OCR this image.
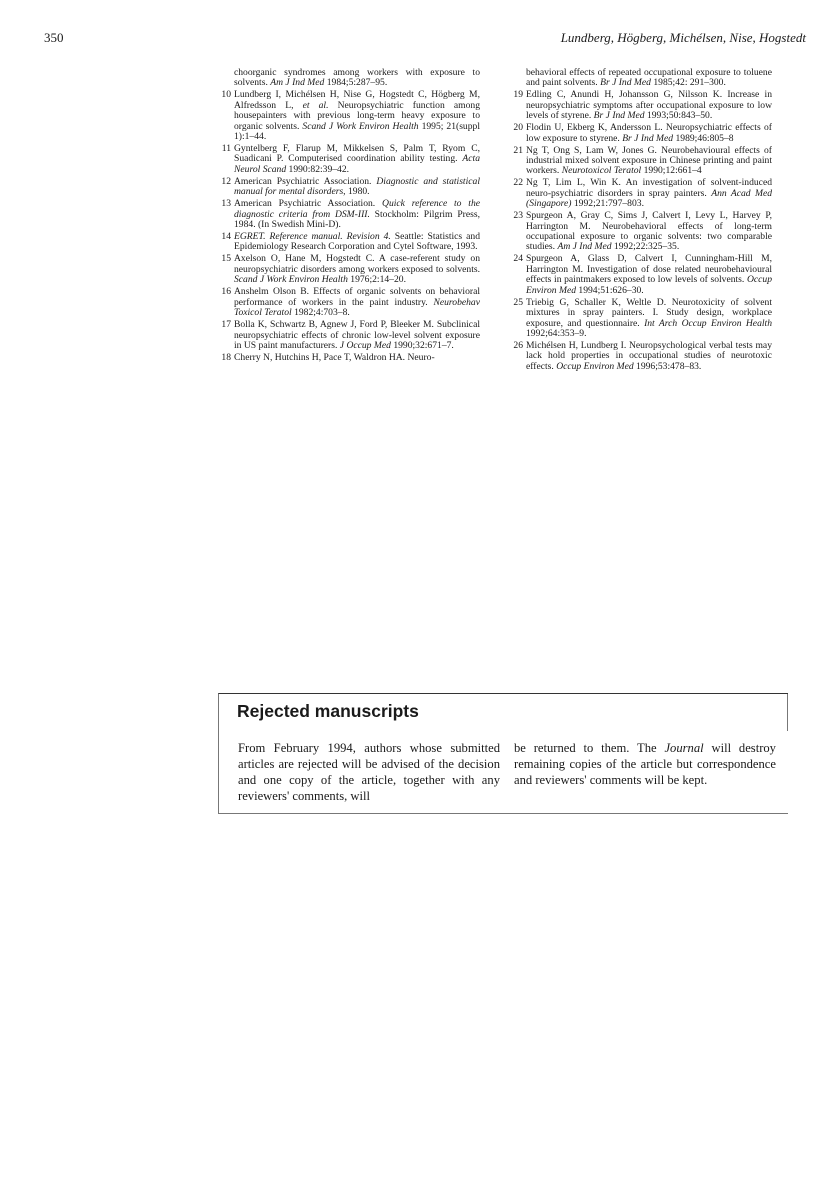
350	Lundberg, Högberg, Michélsen, Nise, Hogstedt
choorganic syndromes among workers with exposure to solvents. Am J Ind Med 1984;5:287–95.
10 Lundberg I, Michélsen H, Nise G, Hogstedt C, Högberg M, Alfredsson L, et al. Neuropsychiatric function among housepainters with previous long-term heavy exposure to organic solvents. Scand J Work Environ Health 1995; 21(suppl 1):1–44.
11 Gyntelberg F, Flarup M, Mikkelsen S, Palm T, Ryom C, Suadicani P. Computerised coordination ability testing. Acta Neurol Scand 1990:82:39–42.
12 American Psychiatric Association. Diagnostic and statistical manual for mental disorders, 1980.
13 American Psychiatric Association. Quick reference to the diagnostic criteria from DSM-III. Stockholm: Pilgrim Press, 1984. (In Swedish Mini-D).
14 EGRET. Reference manual. Revision 4. Seattle: Statistics and Epidemiology Research Corporation and Cytel Software, 1993.
15 Axelson O, Hane M, Hogstedt C. A case-referent study on neuropsychiatric disorders among workers exposed to solvents. Scand J Work Environ Health 1976;2:14–20.
16 Anshelm Olson B. Effects of organic solvents on behavioral performance of workers in the paint industry. Neurobehav Toxicol Teratol 1982;4:703–8.
17 Bolla K, Schwartz B, Agnew J, Ford P, Bleeker M. Subclinical neuropsychiatric effects of chronic low-level solvent exposure in US paint manufacturers. J Occup Med 1990;32:671–7.
18 Cherry N, Hutchins H, Pace T, Waldron HA. Neuro-
behavioral effects of repeated occupational exposure to toluene and paint solvents. Br J Ind Med 1985;42: 291–300.
19 Edling C, Anundi H, Johansson G, Nilsson K. Increase in neuropsychiatric symptoms after occupational exposure to low levels of styrene. Br J Ind Med 1993;50:843–50.
20 Flodin U, Ekberg K, Andersson L. Neuropsychiatric effects of low exposure to styrene. Br J Ind Med 1989;46:805–8
21 Ng T, Ong S, Lam W, Jones G. Neurobehavioural effects of industrial mixed solvent exposure in Chinese printing and paint workers. Neurotoxicol Teratol 1990;12:661–4
22 Ng T, Lim L, Win K. An investigation of solvent-induced neuro-psychiatric disorders in spray painters. Ann Acad Med (Singapore) 1992;21:797–803.
23 Spurgeon A, Gray C, Sims J, Calvert I, Levy L, Harvey P, Harrington M. Neurobehavioral effects of long-term occupational exposure to organic solvents: two comparable studies. Am J Ind Med 1992;22:325–35.
24 Spurgeon A, Glass D, Calvert I, Cunningham-Hill M, Harrington M. Investigation of dose related neurobehavioural effects in paintmakers exposed to low levels of solvents. Occup Environ Med 1994;51:626–30.
25 Triebig G, Schaller K, Weltle D. Neurotoxicity of solvent mixtures in spray painters. I. Study design, workplace exposure, and questionnaire. Int Arch Occup Environ Health 1992;64:353–9.
26 Michélsen H, Lundberg I. Neuropsychological verbal tests may lack hold properties in occupational studies of neurotoxic effects. Occup Environ Med 1996;53:478–83.
Rejected manuscripts
From February 1994, authors whose submitted articles are rejected will be advised of the decision and one copy of the article, together with any reviewers' comments, will
be returned to them. The Journal will destroy remaining copies of the article but correspondence and reviewers' comments will be kept.
